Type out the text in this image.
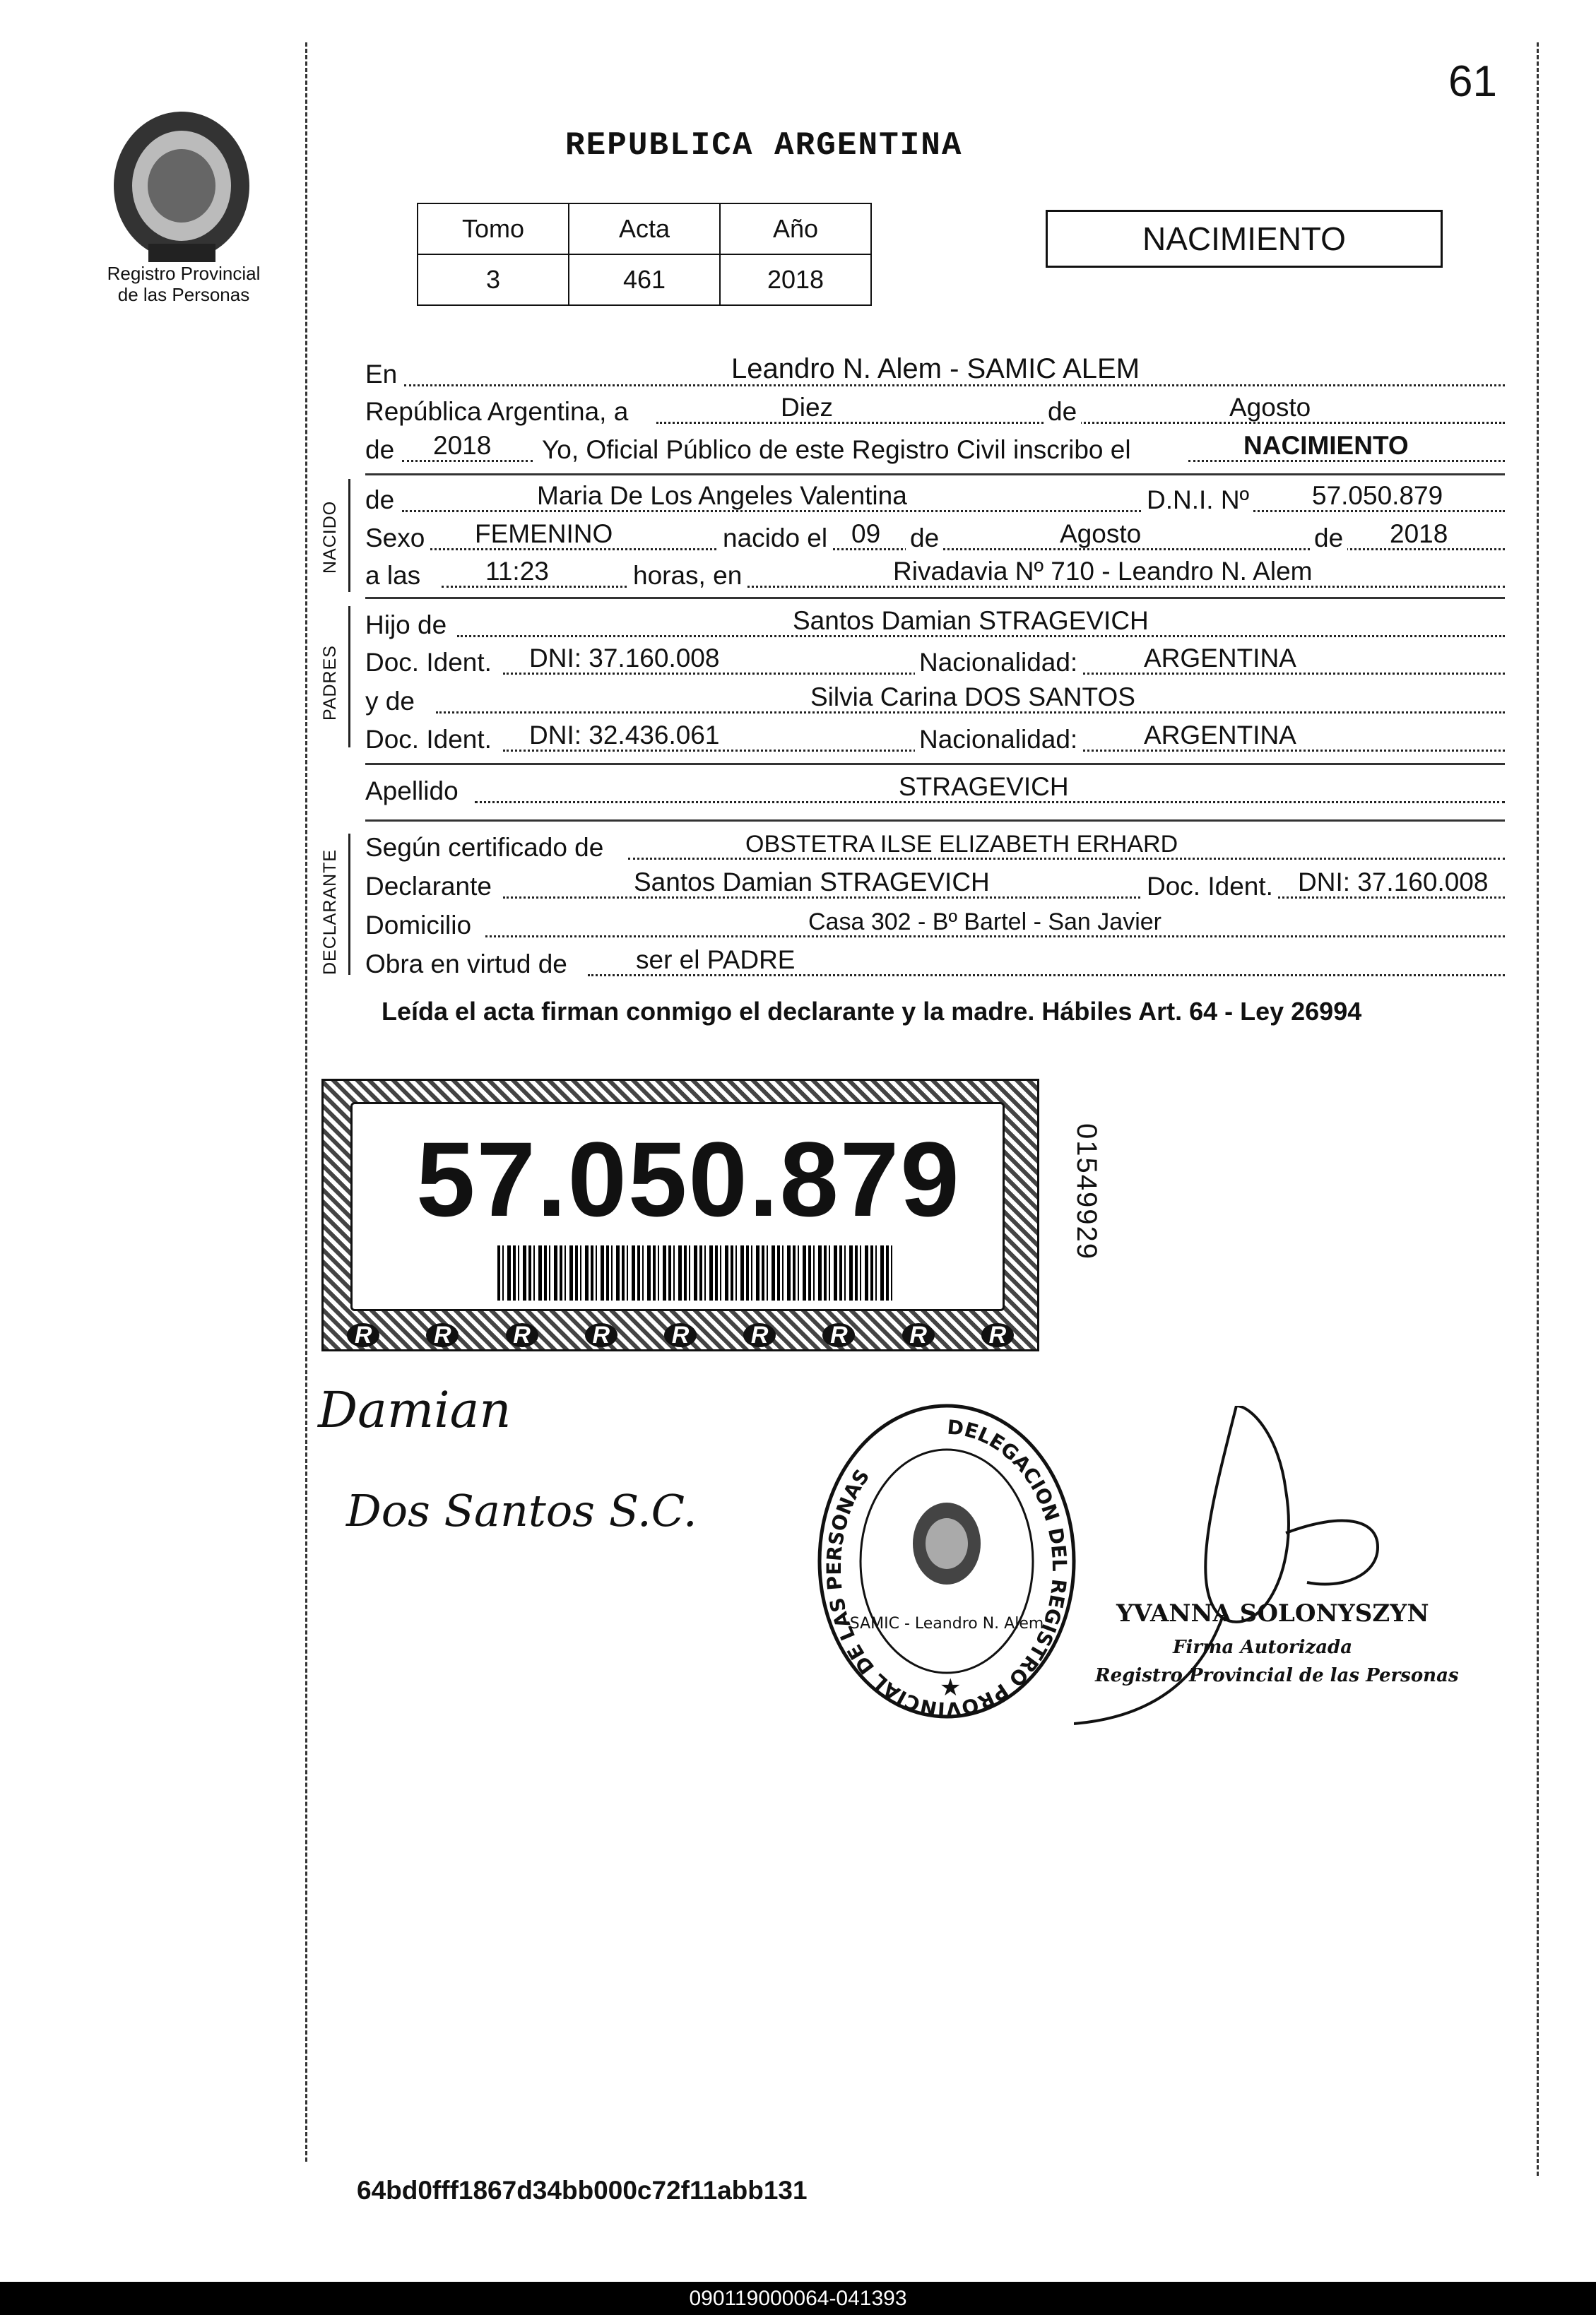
61
Registro Provincial
de las Personas
REPUBLICA ARGENTINA
Tomo	Acta	Año
3	461	2018
NACIMIENTO
En	Leandro N. Alem - SAMIC ALEM
República Argentina, a	Diez	de	Agosto
de 2018 Yo, Oficial Público de este Registro Civil inscribo el	NACIMIENTO
NACIDO
de	Maria De Los Angeles Valentina	D.N.I. Nº 57.050.879
Sexo FEMENINO	nacido el 09 de	Agosto	de 2018
a las 11:23	horas, en	Rivadavia Nº 710 - Leandro N. Alem
PADRES
Hijo de	Santos Damian STRAGEVICH
Doc. Ident. DNI: 37.160.008	Nacionalidad:	ARGENTINA
y de	Silvia Carina DOS SANTOS
Doc. Ident. DNI: 32.436.061	Nacionalidad:	ARGENTINA
Apellido	STRAGEVICH
DECLARANTE
Según certificado de	OBSTETRA ILSE ELIZABETH ERHARD
Declarante	Santos Damian STRAGEVICH	Doc. Ident. DNI: 37.160.008
Domicilio	Casa 302 - Bº Bartel - San Javier
Obra en virtud de	ser el PADRE
Leída el acta firman conmigo el declarante y la madre. Hábiles Art. 64 - Ley 26994
57.050.879
R	R	R	R	R	R	R	R	R
01549929
Damian
Dos Santos S.C.
DELEGACION DEL REGISTRO PROVINCIAL DE LAS PERSONAS
SAMIC - Leandro N. Alem
★
YVANNA SOLONYSZYN
Firma Autorizada
Registro Provincial de las Personas
64bd0fff1867d34bb000c72f11abb131
090119000064-041393
